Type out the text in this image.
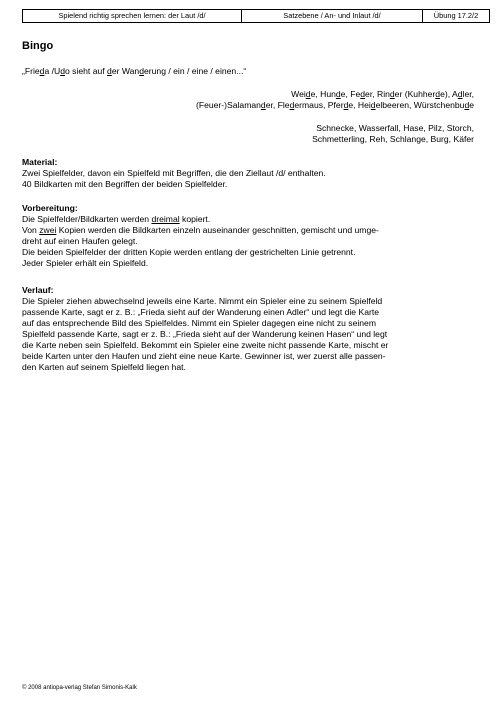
Spielend richtig sprechen lernen: der Laut /d/	Satzebene / An- und Inlaut /d/	Übung 17.2/2
Bingo

„Frieda /Udo sieht auf der Wanderung / ein / eine / einen...“

Weide, Hunde, Feder, Rinder (Kuhherde), Adler,
(Feuer-)Salamander, Fledermaus, Pferde, Heidelbeeren, Würstchenbude
Schnecke, Wasserfall, Hase, Pilz, Storch,
Schmetterling, Reh, Schlange, Burg, Käfer
Material:
Zwei Spielfelder, davon ein Spielfeld mit Begriffen, die den Ziellaut /d/ enthalten.
40 Bildkarten mit den Begriffen der beiden Spielfelder.
Vorbereitung:
Die Spielfelder/Bildkarten werden dreimal kopiert.
Von zwei Kopien werden die Bildkarten einzeln auseinander geschnitten, gemischt und umge-
dreht auf einen Haufen gelegt.
Die beiden Spielfelder der dritten Kopie werden entlang der gestrichelten Linie getrennt.
Jeder Spieler erhält ein Spielfeld.
Verlauf:
Die Spieler ziehen abwechselnd jeweils eine Karte. Nimmt ein Spieler eine zu seinem Spielfeld
passende Karte, sagt er z. B.: „Frieda sieht auf der Wanderung einen Adler“ und legt die Karte
auf das entsprechende Bild des Spielfeldes. Nimmt ein Spieler dagegen eine nicht zu seinem
Spielfeld passende Karte, sagt er z. B.: „Frieda sieht auf der Wanderung keinen Hasen“ und legt
die Karte neben sein Spielfeld. Bekommt ein Spieler eine zweite nicht passende Karte, mischt er
beide Karten unter den Haufen und zieht eine neue Karte. Gewinner ist, wer zuerst alle passen-
den Karten auf seinem Spielfeld liegen hat.
© 2008 antiopa-verlag Stefan Simonis-Kalk
